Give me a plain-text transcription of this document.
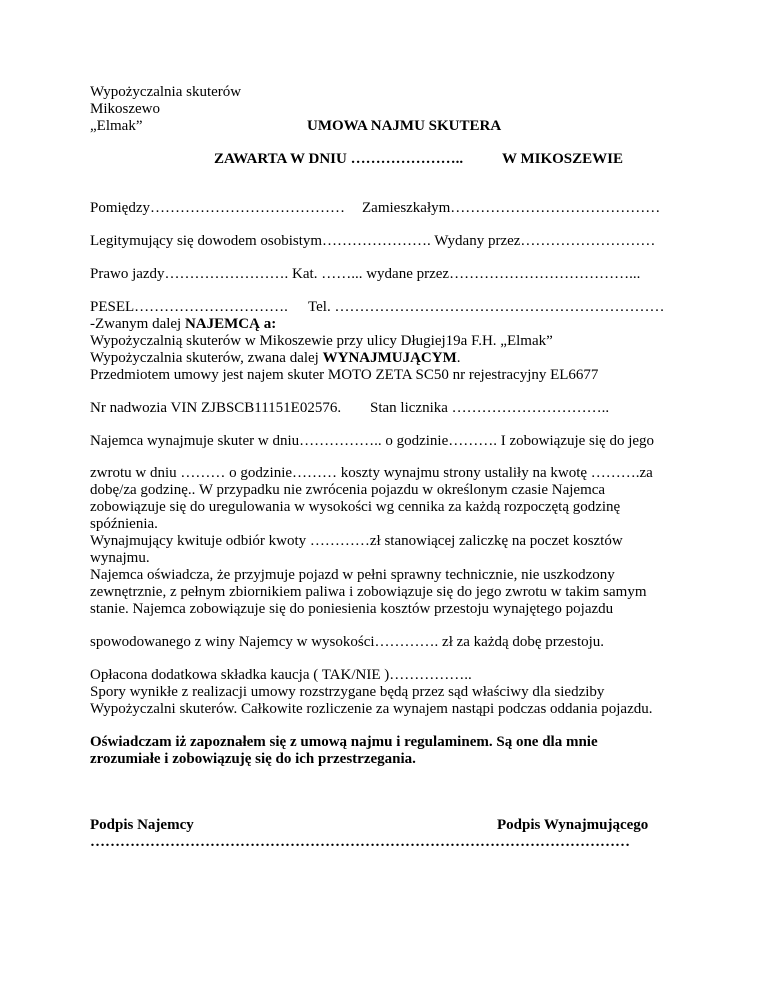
Wypożyczalnia skuterów
Mikoszewo
„Elmak”	UMOWA NAJMU SKUTERA
ZAWARTA W DNIU …………………..	W MIKOSZEWIE
Pomiędzy………………………………… Zamieszkałym……………………………………
Legitymujący się dowodem osobistym…………………. Wydany przez………………………
Prawo jazdy……………………. Kat. ……... wydane przez………………………………...
PESEL…………………………. Tel. …………………………………………………………
-Zwanym dalej NAJEMCĄ a:
Wypożyczalnią skuterów w Mikoszewie przy ulicy Długiej19a F.H. „Elmak”
Wypożyczalnia skuterów, zwana dalej WYNAJMUJĄCYM.
Przedmiotem umowy jest najem skuter MOTO ZETA SC50 nr rejestracyjny EL6677
Nr nadwozia VIN ZJBSCB11151E02576. Stan licznika …………………………..
Najemca wynajmuje skuter w dniu…………….. o godzinie………. I zobowiązuje się do jego
zwrotu w dniu ……… o godzinie……… koszty wynajmu strony ustaliły na kwotę ……….za
dobę/za godzinę.. W przypadku nie zwrócenia pojazdu w określonym czasie Najemca
zobowiązuje się do uregulowania w wysokości wg cennika za każdą rozpoczętą godzinę
spóźnienia.
Wynajmujący kwituje odbiór kwoty …………zł stanowiącej zaliczkę na poczet kosztów
wynajmu.
Najemca oświadcza, że przyjmuje pojazd w pełni sprawny technicznie, nie uszkodzony
zewnętrznie, z pełnym zbiornikiem paliwa i zobowiązuje się do jego zwrotu w takim samym
stanie. Najemca zobowiązuje się do poniesienia kosztów przestoju wynajętego pojazdu
spowodowanego z winy Najemcy w wysokości…………. zł za każdą dobę przestoju.
Opłacona dodatkowa składka kaucja ( TAK/NIE )……………..
Spory wynikłe z realizacji umowy rozstrzygane będą przez sąd właściwy dla siedziby
Wypożyczalni skuterów. Całkowite rozliczenie za wynajem nastąpi podczas oddania pojazdu.
Oświadczam iż zapoznałem się z umową najmu i regulaminem. Są one dla mnie
zrozumiałe i zobowiązuję się do ich przestrzegania.
Podpis Najemcy	Podpis Wynajmującego
………………………………………………………………………………………………
